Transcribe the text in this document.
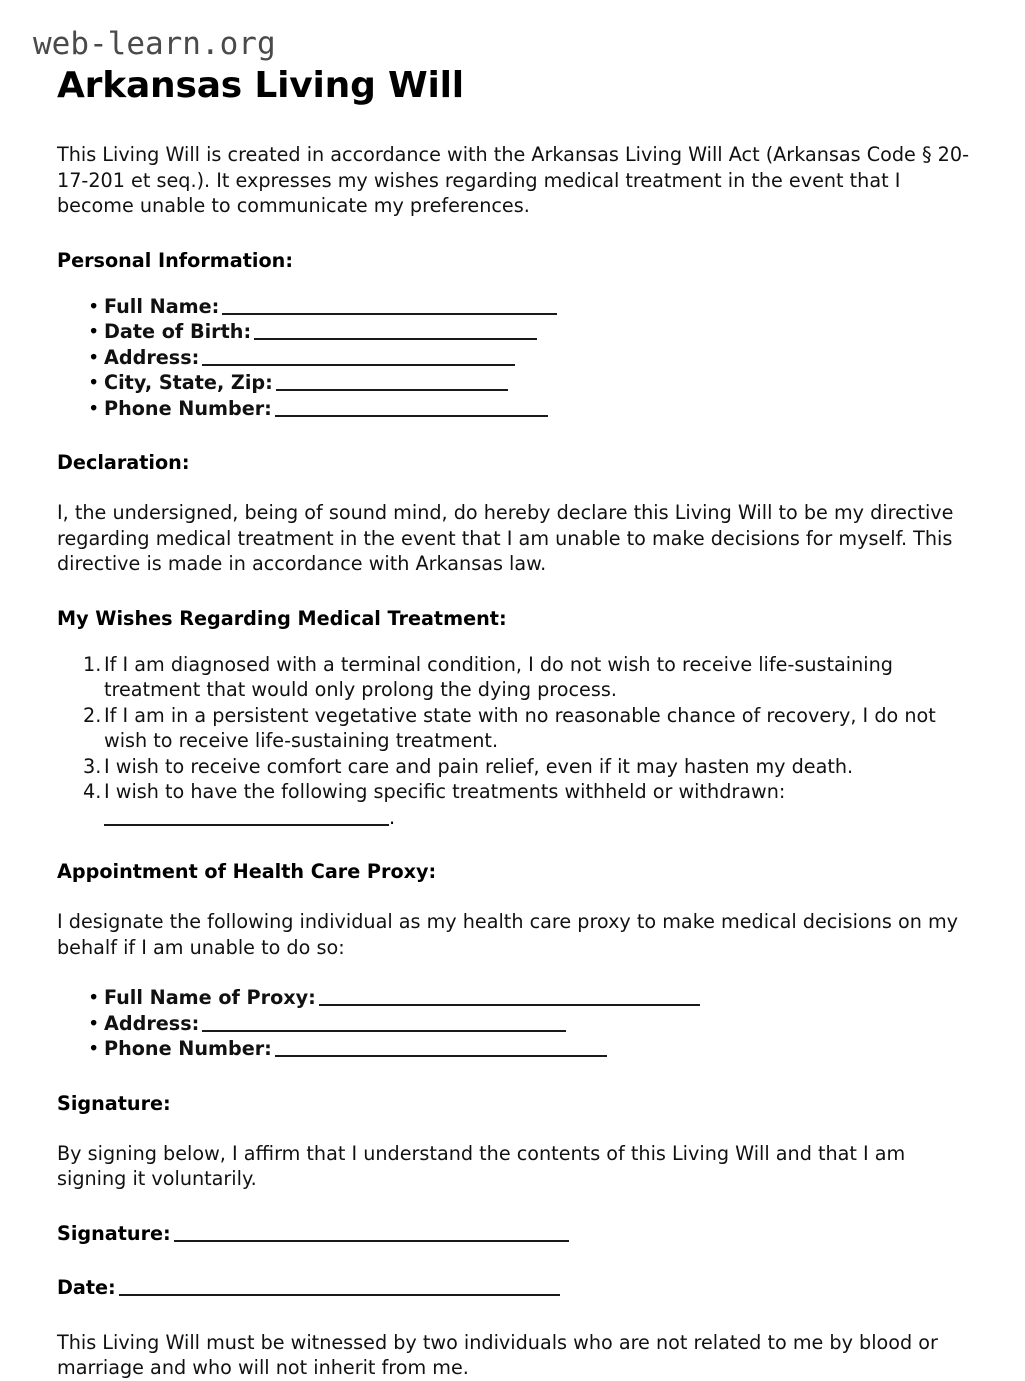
web-learn.org
Arkansas Living Will

This Living Will is created in accordance with the Arkansas Living Will Act (Arkansas Code § 20-17-201 et seq.). It expresses my wishes regarding medical treatment in the event that I become unable to communicate my preferences.

Personal Information:
• Full Name:
• Date of Birth:
• Address:
• City, State, Zip:
• Phone Number:
Declaration:

I, the undersigned, being of sound mind, do hereby declare this Living Will to be my directive regarding medical treatment in the event that I am unable to make decisions for myself. This directive is made in accordance with Arkansas law.

My Wishes Regarding Medical Treatment:
If I am diagnosed with a terminal condition, I do not wish to receive life-sustaining treatment that would only prolong the dying process.
If I am in a persistent vegetative state with no reasonable chance of recovery, I do not wish to receive life-sustaining treatment.
I wish to receive comfort care and pain relief, even if it may hasten my death.
I wish to have the following specific treatments withheld or withdrawn:
.
Appointment of Health Care Proxy:

I designate the following individual as my health care proxy to make medical decisions on my behalf if I am unable to do so:

• Full Name of Proxy:
• Address:
• Phone Number:
Signature:

By signing below, I affirm that I understand the contents of this Living Will and that I am signing it voluntarily.

Signature:
Date:

This Living Will must be witnessed by two individuals who are not related to me by blood or marriage and who will not inherit from me.
